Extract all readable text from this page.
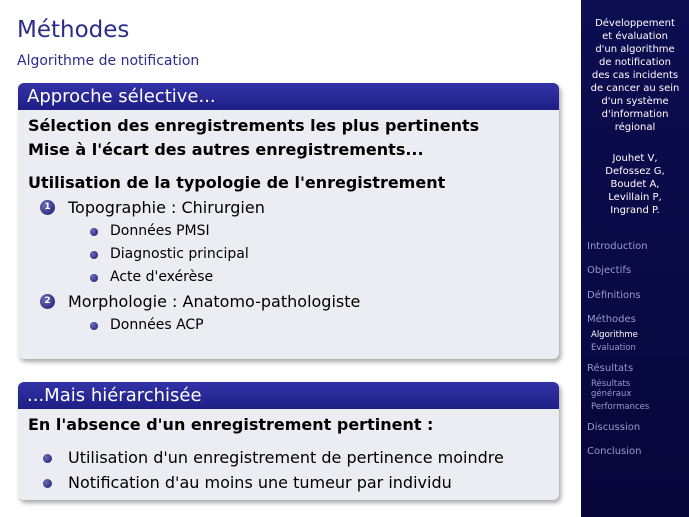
Méthodes
Algorithme de notification
Approche sélective...
Sélection des enregistrements les plus pertinents
Mise à l'écart des autres enregistrements...
Utilisation de la typologie de l'enregistrement
1 Topographie : Chirurgien
Données PMSI
Diagnostic principal
Acte d'exérèse
2 Morphologie : Anatomo-pathologiste
Données ACP
...Mais hiérarchisée
En l'absence d'un enregistrement pertinent :
Utilisation d'un enregistrement de pertinence moindre
Notification d'au moins une tumeur par individu
Développement
et évaluation
d'un algorithme
de notification
des cas incidents
de cancer au sein
d'un système
d'information
régional
Jouhet V,
Defossez G,
Boudet A,
Levillain P,
Ingrand P.
Introduction
Objectifs
Définitions
Méthodes
Algorithme
Evaluation
Résultats
Résultats
généraux
Performances
Discussion
Conclusion
